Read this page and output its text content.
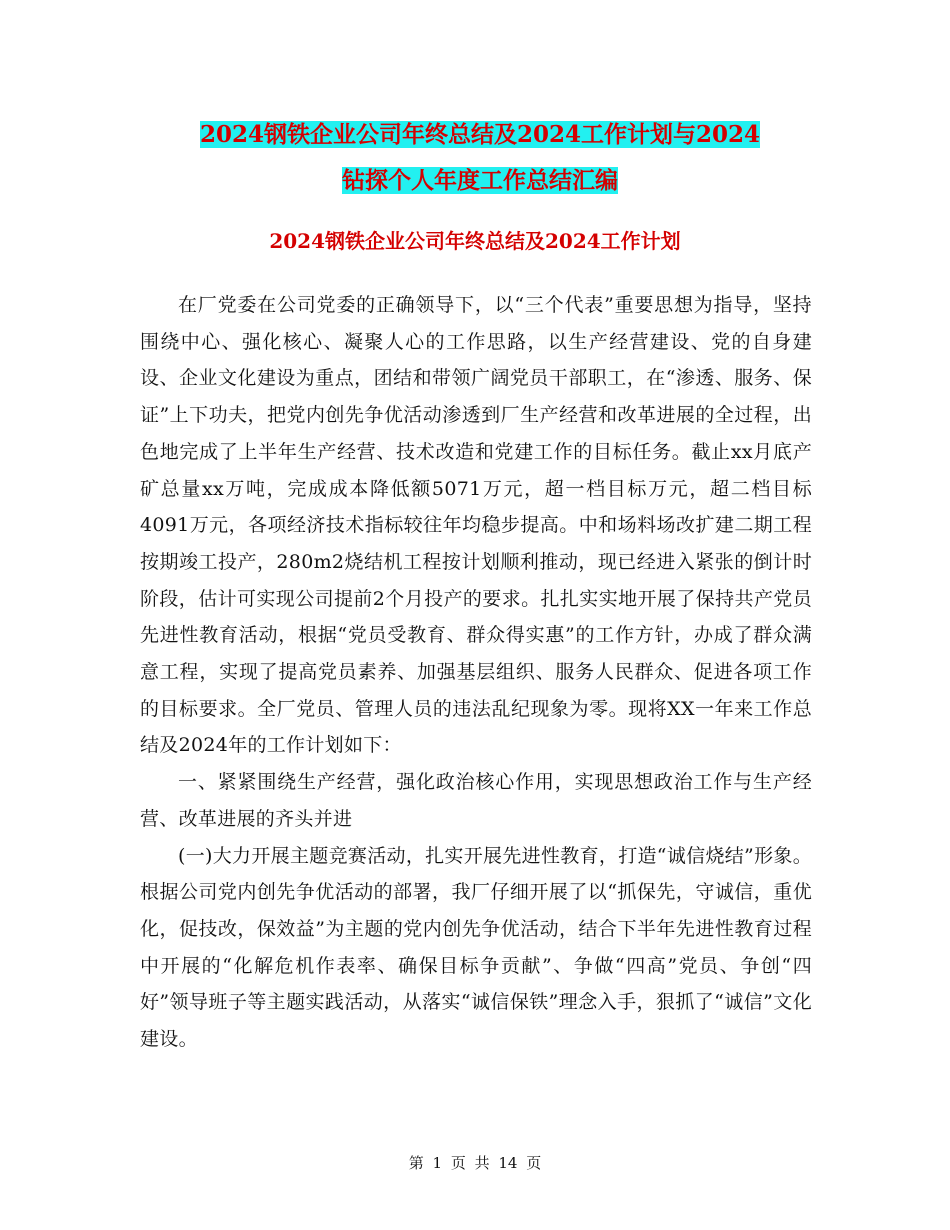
2024钢铁企业公司年终总结及2024工作计划与2024
钻探个人年度工作总结汇编
2024钢铁企业公司年终总结及2024工作计划

在厂党委在公司党委的正确领导下，以“三个代表”重要思想为指导，坚持围绕中心、强化核心、凝聚人心的工作思路，以生产经营建设、党的自身建设、企业文化建设为重点，团结和带领广阔党员干部职工，在“渗透、服务、保证”上下功夫，把党内创先争优活动渗透到厂生产经营和改革进展的全过程，出色地完成了上半年生产经营、技术改造和党建工作的目标任务。截止xx月底产矿总量xx万吨，完成成本降低额5071万元，超一档目标万元，超二档目标4091万元，各项经济技术指标较往年均稳步提高。中和场料场改扩建二期工程按期竣工投产，280m2烧结机工程按计划顺利推动，现已经进入紧张的倒计时阶段，估计可实现公司提前2个月投产的要求。扎扎实实地开展了保持共产党员先进性教育活动，根据“党员受教育、群众得实惠”的工作方针，办成了群众满意工程，实现了提高党员素养、加强基层组织、服务人民群众、促进各项工作的目标要求。全厂党员、管理人员的违法乱纪现象为零。现将XX一年来工作总结及2024年的工作计划如下：

一、紧紧围绕生产经营，强化政治核心作用，实现思想政治工作与生产经营、改革进展的齐头并进

(一)大力开展主题竞赛活动，扎实开展先进性教育，打造“诚信烧结”形象。根据公司党内创先争优活动的部署，我厂仔细开展了以“抓保先，守诚信，重优化，促技改，保效益”为主题的党内创先争优活动，结合下半年先进性教育过程中开展的“化解危机作表率、确保目标争贡献”、争做“四高”党员、争创“四好”领导班子等主题实践活动，从落实“诚信保铁”理念入手，狠抓了“诚信”文化建设。

第 1 页 共 14 页
